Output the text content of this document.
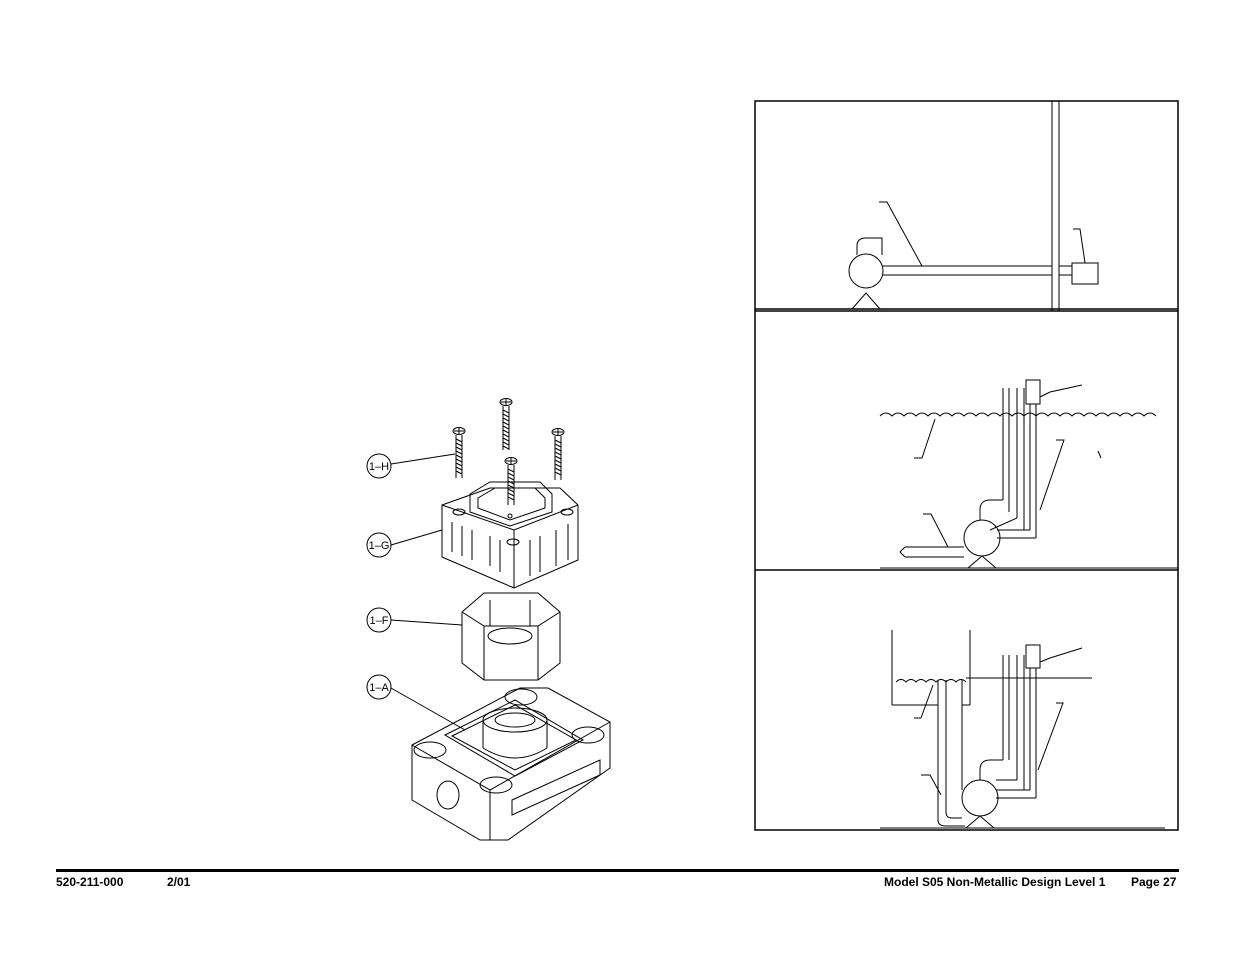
1–H
1–G
1–F
1–A
520-211-000	2/01	Model S05 Non-Metallic Design Level 1 Page 27
